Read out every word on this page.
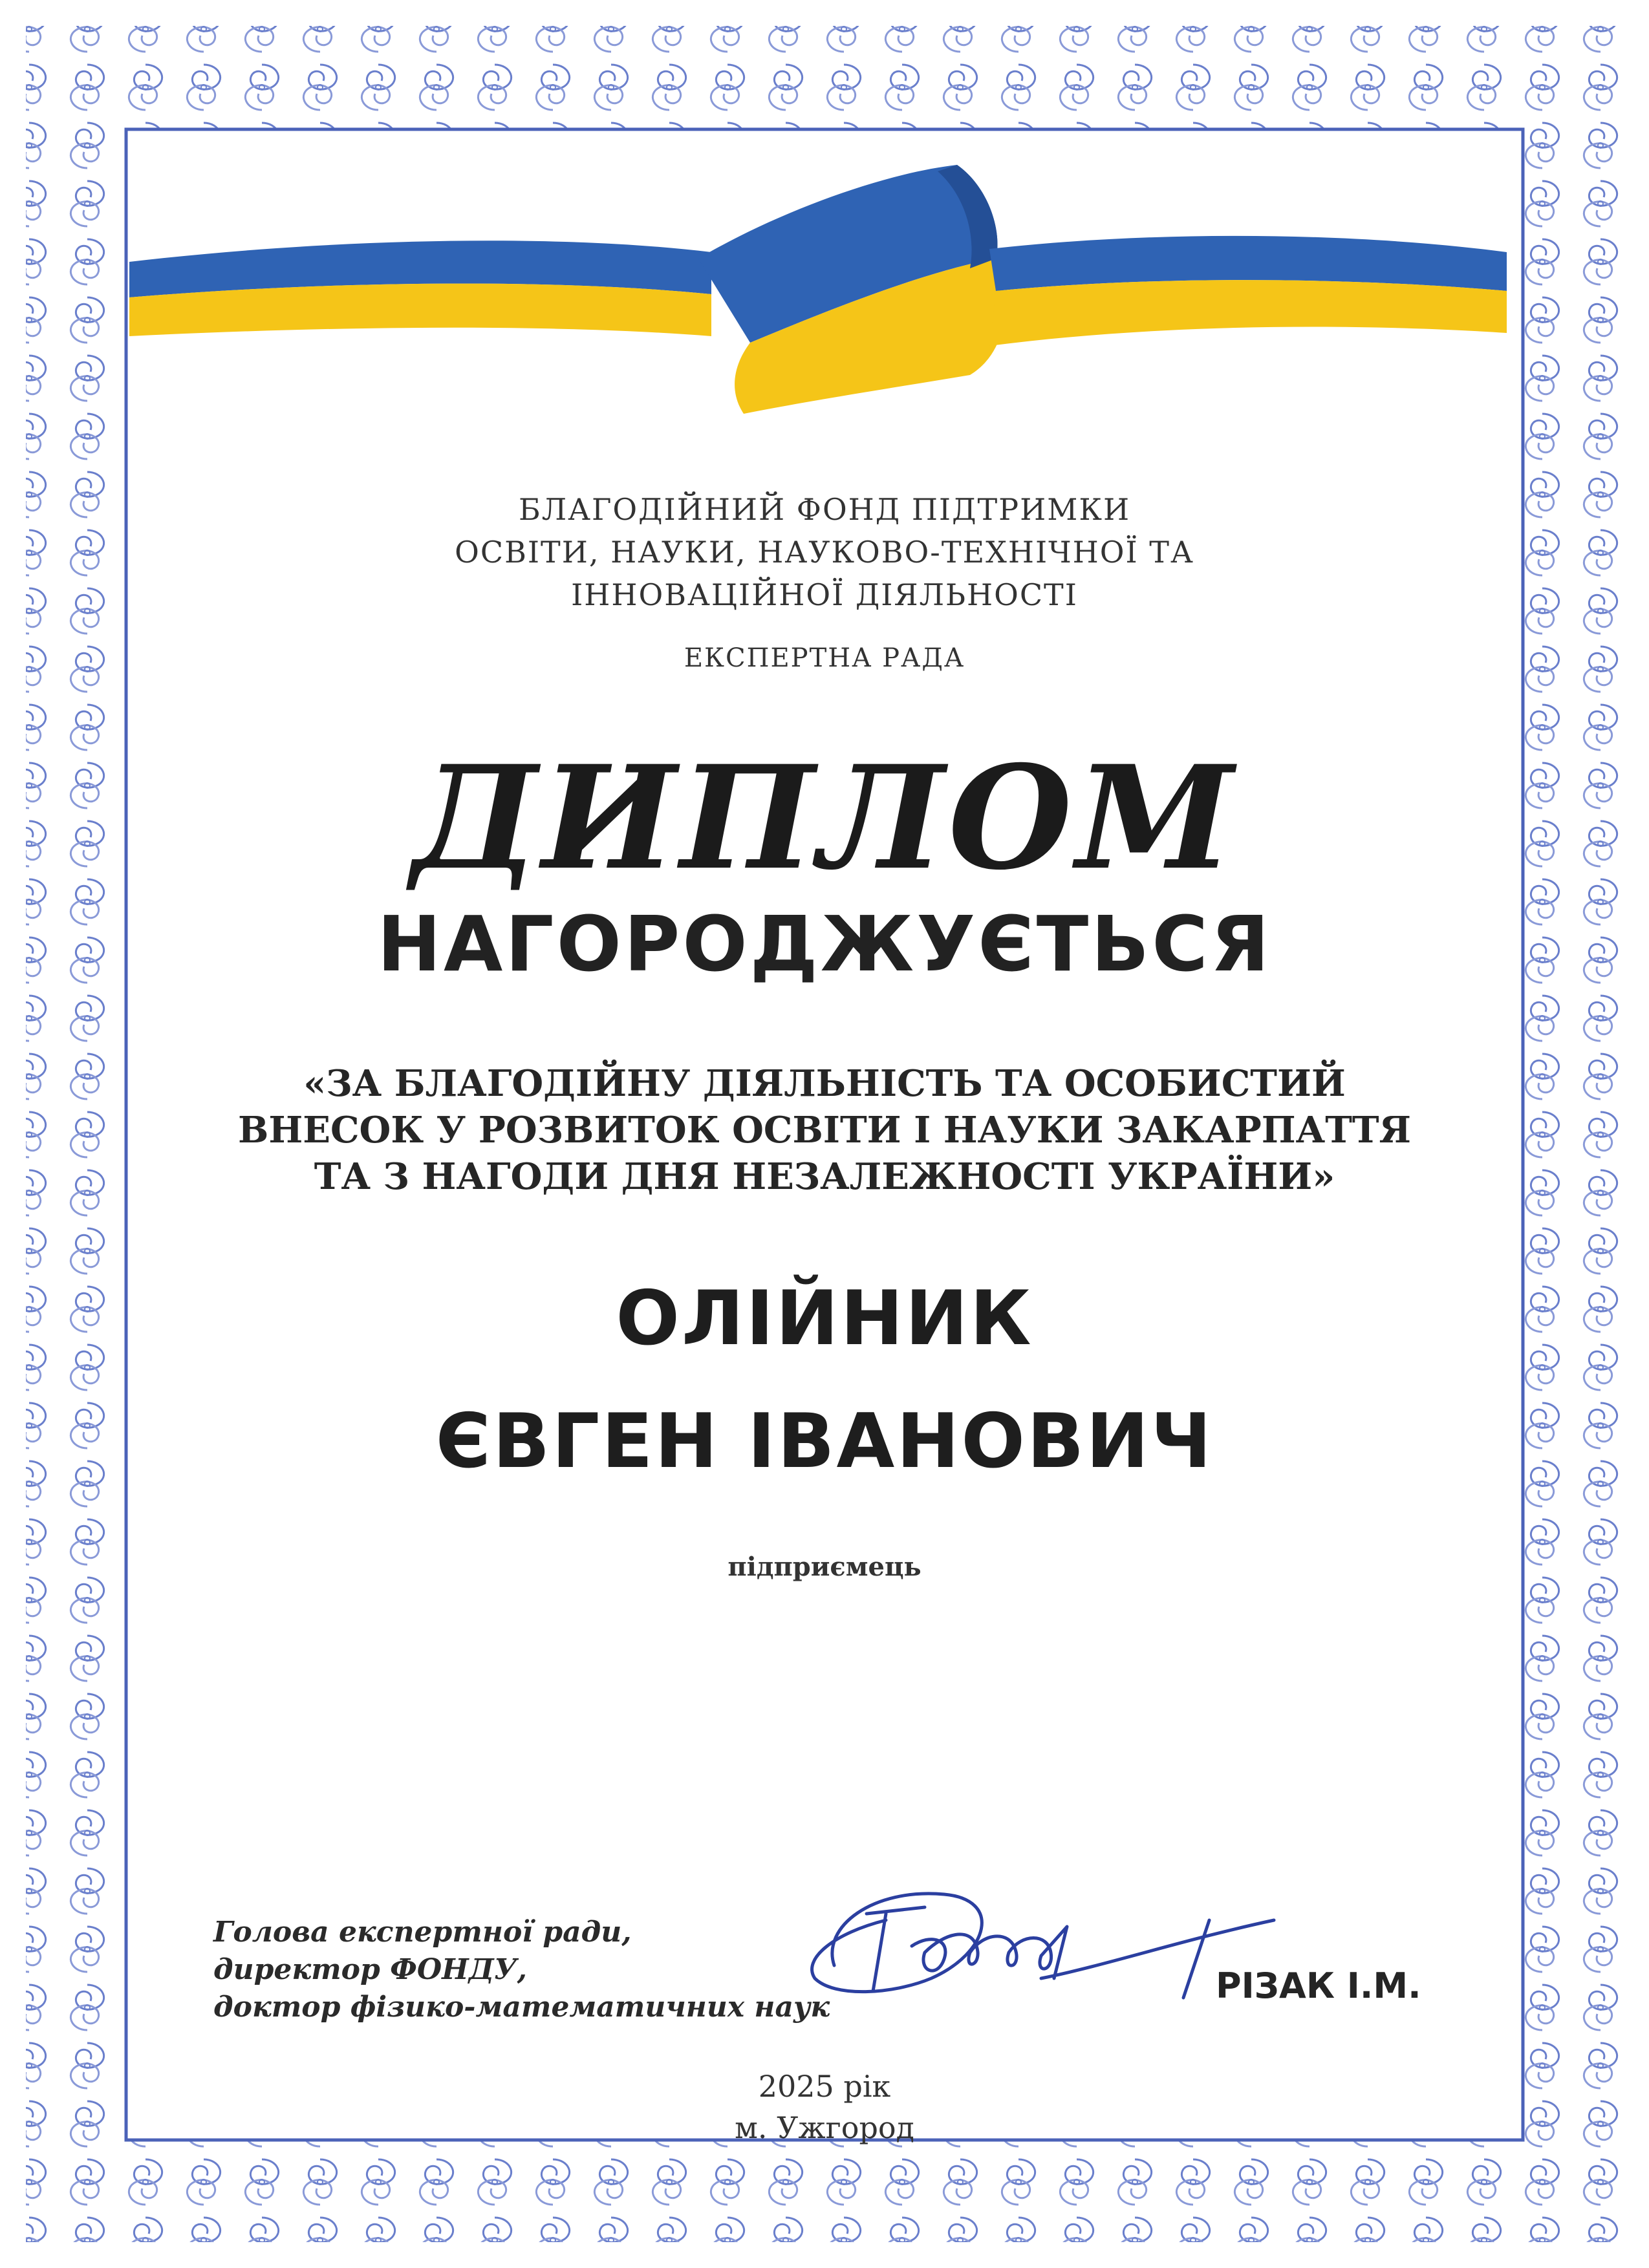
БЛАГОДІЙНИЙ ФОНД ПІДТРИМКИ
ОСВІТИ, НАУКИ, НАУКОВО-ТЕХНІЧНОЇ ТА
ІННОВАЦІЙНОЇ ДІЯЛЬНОСТІ
ЕКСПЕРТНА РАДА
ДИПЛОМ
НАГОРОДЖУЄТЬСЯ
«ЗА БЛАГОДІЙНУ ДІЯЛЬНІСТЬ ТА ОСОБИСТИЙ
ВНЕСОК У РОЗВИТОК ОСВІТИ І НАУКИ ЗАКАРПАТТЯ
ТА З НАГОДИ ДНЯ НЕЗАЛЕЖНОСТІ УКРАЇНИ»
ОЛІЙНИК
ЄВГЕН ІВАНОВИЧ
підприємець
Голова експертної ради,
директор ФОНДУ,
доктор фізико-математичних наук
РІЗАК І.М.
2025 рік
м. Ужгород
